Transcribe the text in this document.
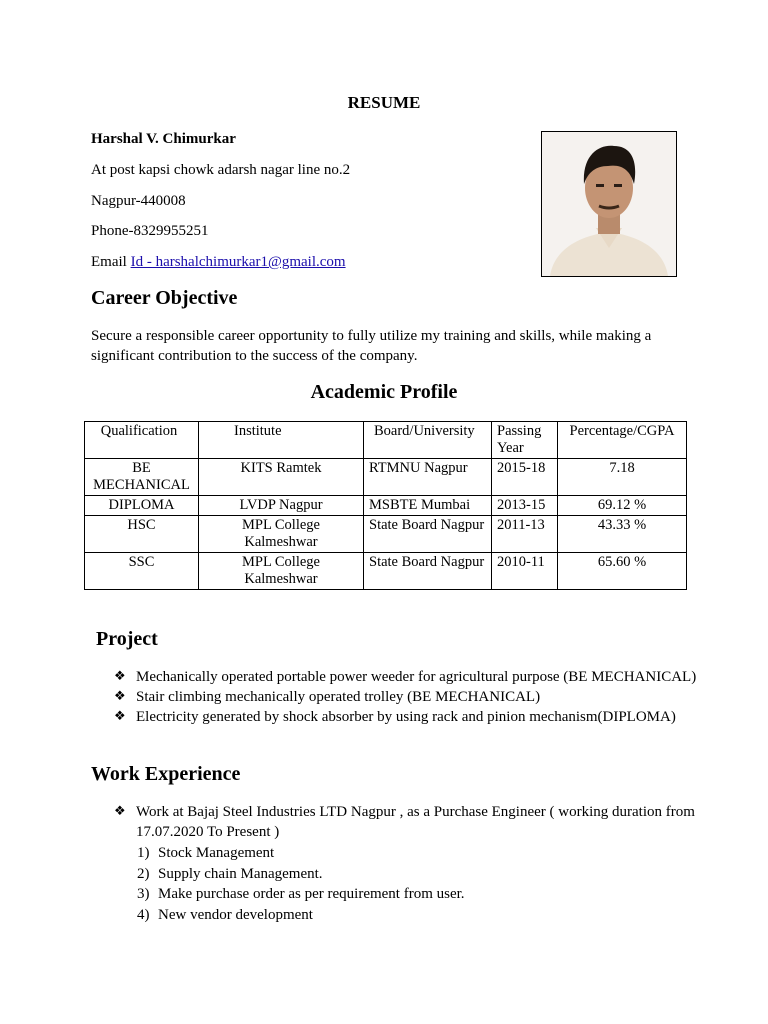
RESUME
Harshal V. Chimurkar
At post kapsi chowk adarsh nagar line no.2
Nagpur-440008
Phone-8329955251
Email Id - harshalchimurkar1@gmail.com
Career Objective
Secure a responsible career opportunity to fully utilize my training and skills, while making a significant contribution to the success of the company.
Academic Profile
Qualification	Institute	Board/University	Passing Year	Percentage/CGPA
BE MECHANICAL	KITS Ramtek	RTMNU Nagpur	2015-18	7.18
DIPLOMA	LVDP Nagpur	MSBTE Mumbai	2013-15	69.12 %
HSC	MPL College Kalmeshwar	State Board Nagpur	2011-13	43.33 %
SSC	MPL College Kalmeshwar	State Board Nagpur	2010-11	65.60 %
Project
❖ Mechanically operated portable power weeder for agricultural purpose (BE MECHANICAL)
❖ Stair climbing mechanically operated trolley (BE MECHANICAL)
❖ Electricity generated by shock absorber by using rack and pinion mechanism(DIPLOMA)
Work Experience
❖ Work at Bajaj Steel Industries LTD Nagpur , as a Purchase Engineer ( working duration from 17.07.2020 To Present )
1) Stock Management
2) Supply chain Management.
3) Make purchase order as per requirement from user.
4) New vendor development
